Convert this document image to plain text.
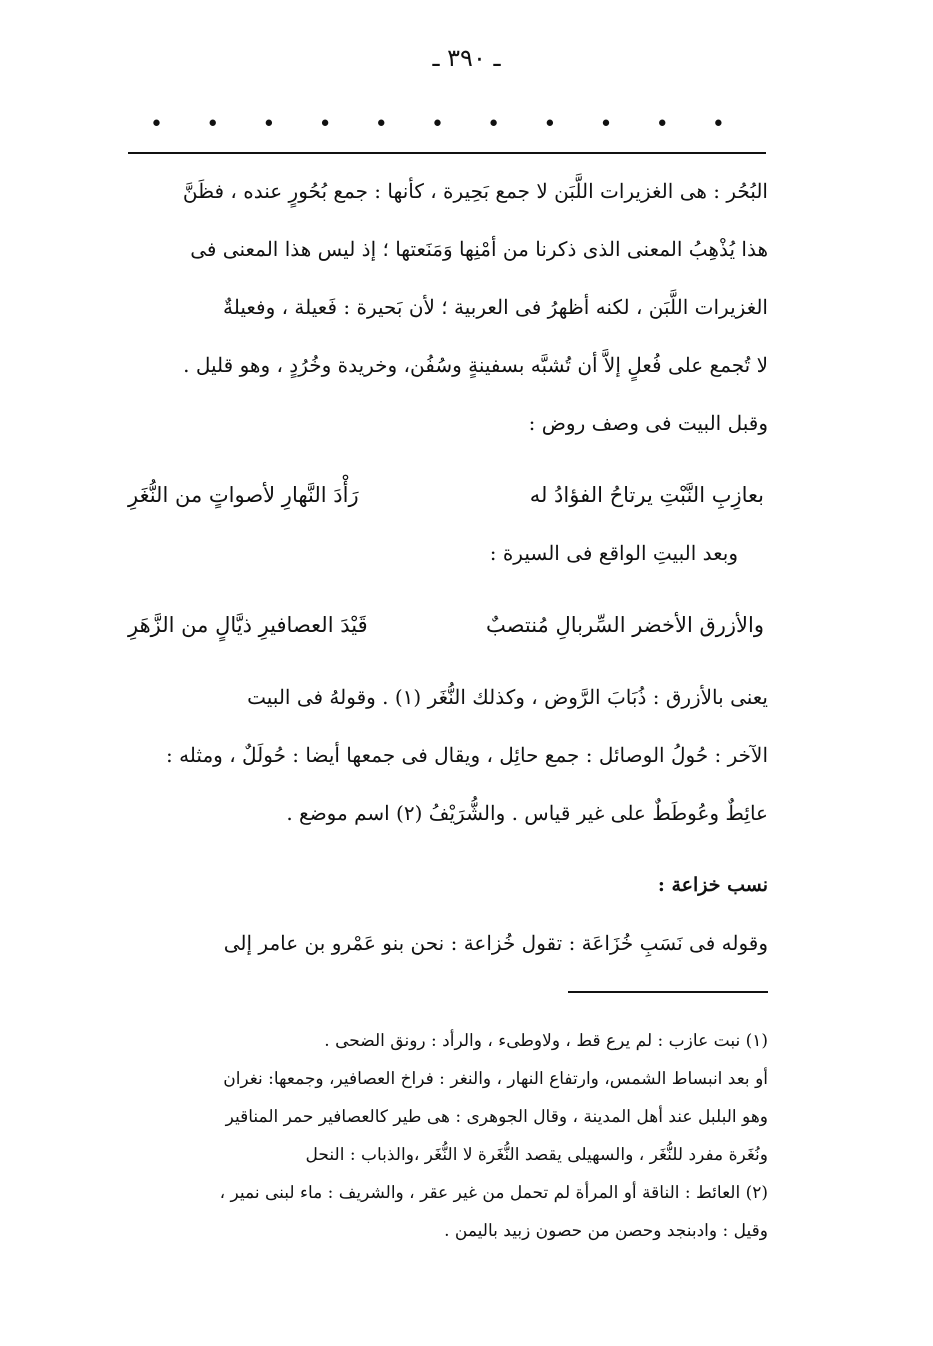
ـ ٣٩٠ ـ
• • • • • • • • • • •

البُحُر : هى الغزيرات اللَّبَن لا جمع بَحِيرة ، كأنها : جمع بُحُورٍ عنده ، فظَنَّ

هذا يُذْهِبُ المعنى الذى ذكرنا من أمْنِها وَمَنَعتها ؛ إذ ليس هذا المعنى فى

الغزيرات اللَّبَن ، لكنه أظهرُ فى العربية ؛ لأن بَحيرة : فَعيلة ، وفعيلةٌ

لا تُجمع على فُعلٍ إلاَّ أن تُشبَّه بسفينةٍ وسُفُن، وخريدة وخُرُدٍ ، وهو قليل .

وقبل البيت فى وصف روض :

بعازِبِ النَّبْتِ يرتاحُ الفؤادُ له
رَأْدَ النَّهارِ لأصواتٍ من النُّغَرِ

وبعد البيتِ الواقع فى السيرة :

والأزرق الأخضر السِّربالِ مُنتصبٌ
قَيْدَ العصافيرِ ذيَّالٍ من الزَّهَرِ

يعنى بالأزرق : ذُبَابَ الرَّوض ، وكذلك النُّغَر (١) . وقولهُ فى البيت

الآخر : حُولُ الوصائل : جمع حائِل ، ويقال فى جمعها أيضا : حُولَلٌ ، ومثله :

عائِطٌ وعُوطَطٌ على غير قياس . والشُّرَيْفُ (٢) اسم موضع .

نسب خزاعة :

وقوله فى نَسَبِ خُزَاعَة : تقول خُزاعة : نحن بنو عَمْرو بن عامر إلى

(١) نبت عازب : لم يرع قط ، ولاوطىء ، والرأد : رونق الضحى .

أو بعد انبساط الشمس، وارتفاع النهار ، والنغر : فراخ العصافير، وجمعها: نغران

وهو البلبل عند أهل المدينة ، وقال الجوهرى : هى طير كالعصافير حمر المناقير

ونُغَرة مفرد للنُّغَر ، والسهيلى يقصد النُّغَرة لا النُّغَر ،والذباب : النحل

(٢) العائط : الناقة أو المرأة لم تحمل من غير عقر ، والشريف : ماء لبنى نمير ،

وقيل : وادبنجد وحصن من حصون زبيد باليمن .
